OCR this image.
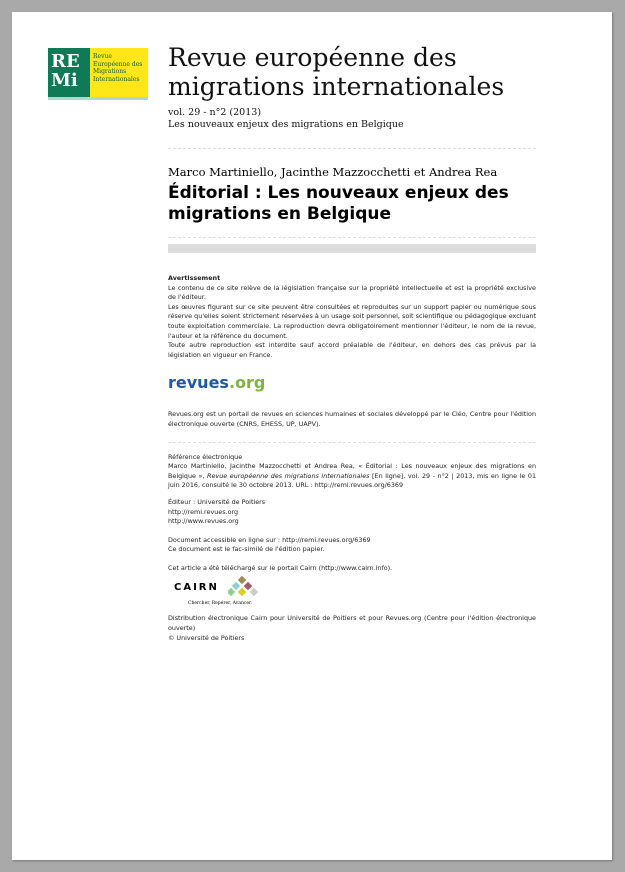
REMi
Revue Européenne des Migrations Internationales
Revue européenne des migrations internationales
vol. 29 - n°2 (2013)
Les nouveaux enjeux des migrations en Belgique
Marco Martiniello, Jacinthe Mazzocchetti et Andrea Rea
Éditorial : Les nouveaux enjeux des migrations en Belgique
Avertissement
Le contenu de ce site relève de la législation française sur la propriété intellectuelle et est la propriété exclusive de l'éditeur.
Les œuvres figurant sur ce site peuvent être consultées et reproduites sur un support papier ou numérique sous réserve qu'elles soient strictement réservées à un usage soit personnel, soit scientifique ou pédagogique excluant toute exploitation commerciale. La reproduction devra obligatoirement mentionner l'éditeur, le nom de la revue, l'auteur et la référence du document.
Toute autre reproduction est interdite sauf accord préalable de l'éditeur, en dehors des cas prévus par la législation en vigueur en France.
revues.org
Revues.org est un portail de revues en sciences humaines et sociales développé par le Cléo, Centre pour l'édition électronique ouverte (CNRS, EHESS, UP, UAPV).
Référence électronique
Marco Martiniello, Jacinthe Mazzocchetti et Andrea Rea, « Éditorial : Les nouveaux enjeux des migrations en Belgique », Revue européenne des migrations internationales [En ligne], vol. 29 - n°2 | 2013, mis en ligne le 01 juin 2016, consulté le 30 octobre 2013. URL : http://remi.revues.org/6369
Éditeur : Université de Poitiers
http://remi.revues.org
http://www.revues.org
Document accessible en ligne sur : http://remi.revues.org/6369
Ce document est le fac-similé de l'édition papier.
Cet article a été téléchargé sur le portail Cairn (http://www.cairn.info).
CAIRN
Chercher, Repérer, Avancer.
Distribution électronique Cairn pour Université de Poitiers et pour Revues.org (Centre pour l'édition électronique ouverte)
© Université de Poitiers
